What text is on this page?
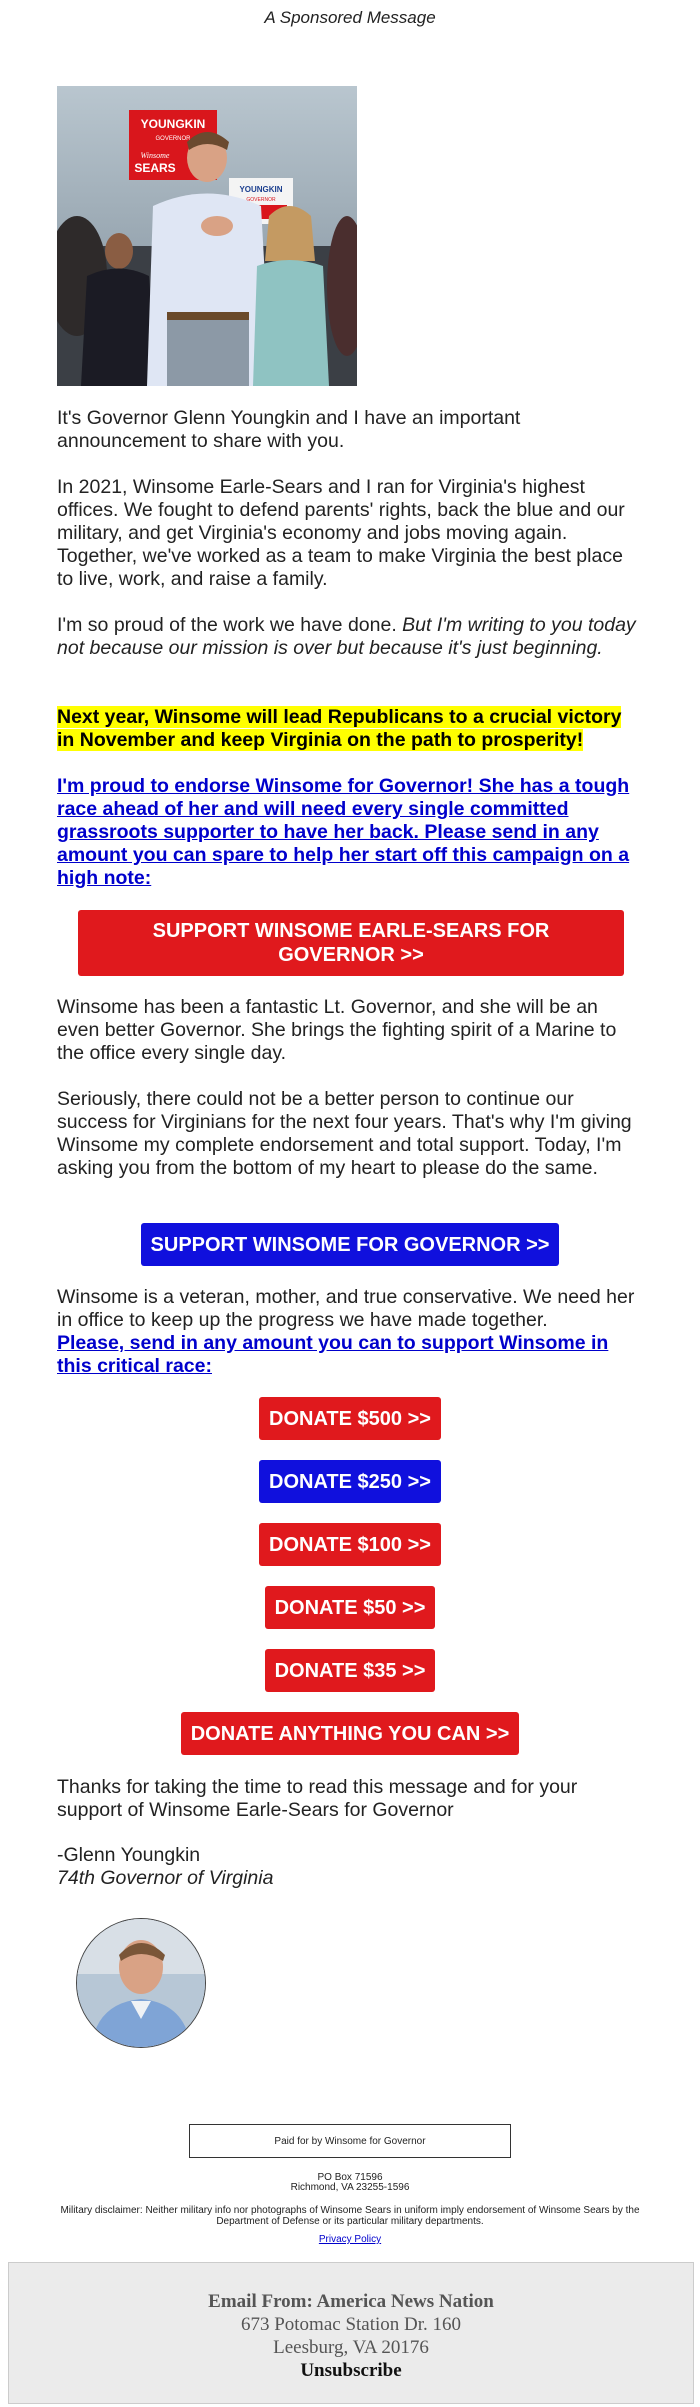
A Sponsored Message
YOUNGKIN
GOVERNOR
Winsome
SEARS
YOUNGKIN
GOVERNOR

It's Governor Glenn Youngkin and I have an important announcement to share with you.

In 2021, Winsome Earle-Sears and I ran for Virginia's highest offices. We fought to defend parents' rights, back the blue and our military, and get Virginia's economy and jobs moving again. Together, we've worked as a team to make Virginia the best place to live, work, and raise a family.

I'm so proud of the work we have done. But I'm writing to you today not because our mission is over but because it's just beginning.

Next year, Winsome will lead Republicans to a crucial victory in November and keep Virginia on the path to prosperity!
I'm proud to endorse Winsome for Governor! She has a tough race ahead of her and will need every single committed grassroots supporter to have her back. Please send in any amount you can spare to help her start off this campaign on a high note:
SUPPORT WINSOME EARLE-SEARS FOR GOVERNOR >>

Winsome has been a fantastic Lt. Governor, and she will be an even better Governor. She brings the fighting spirit of a Marine to the office every single day.

Seriously, there could not be a better person to continue our success for Virginians for the next four years. That's why I'm giving Winsome my complete endorsement and total support. Today, I'm asking you from the bottom of my heart to please do the same.

SUPPORT WINSOME FOR GOVERNOR >>

Winsome is a veteran, mother, and true conservative. We need her in office to keep up the progress we have made together.

Please, send in any amount you can to support Winsome in this critical race:

DONATE $500 >>
DONATE $250 >>
DONATE $100 >>
DONATE $50 >>
DONATE $35 >>
DONATE ANYTHING YOU CAN >>

Thanks for taking the time to read this message and for your support of Winsome Earle-Sears for Governor

-Glenn Youngkin

74th Governor of Virginia

Paid for by Winsome for Governor
PO Box 71596
Richmond, VA 23255-1596
Military disclaimer: Neither military info nor photographs of Winsome Sears in uniform imply endorsement of Winsome Sears by the Department of Defense or its particular military departments.
Privacy Policy
Email From: America News Nation
673 Potomac Station Dr. 160
Leesburg, VA 20176
Unsubscribe
